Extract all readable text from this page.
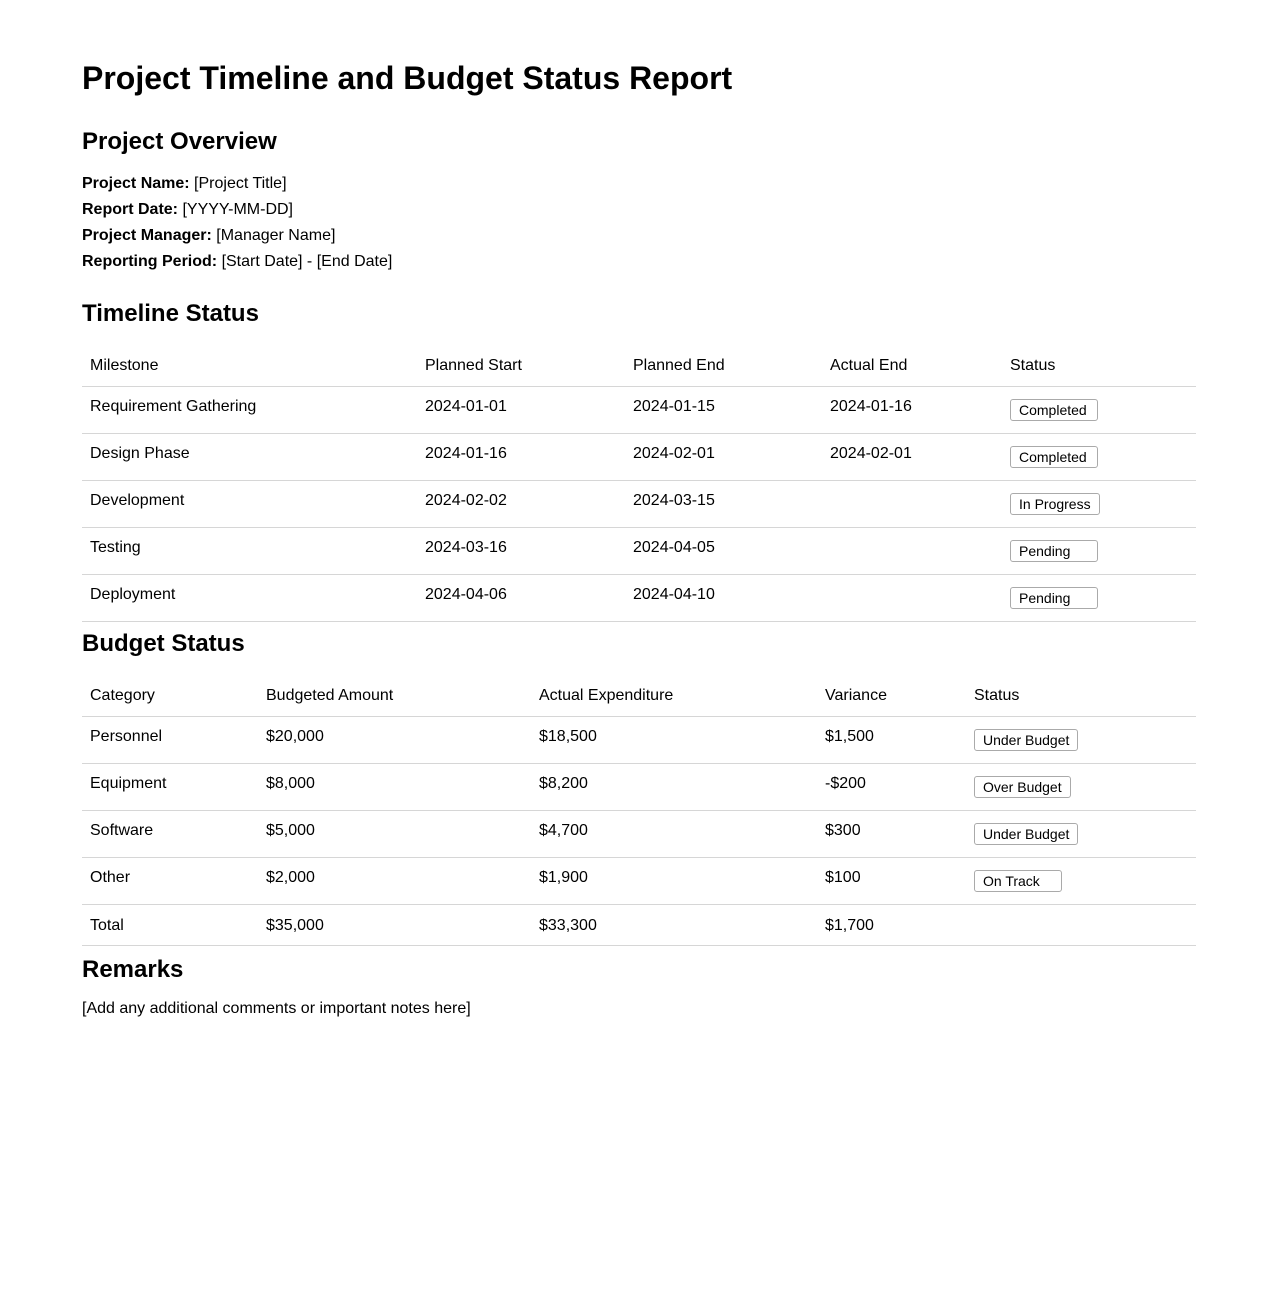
Project Timeline and Budget Status Report
Project Overview
Project Name: [Project Title]
Report Date: [YYYY-MM-DD]
Project Manager: [Manager Name]
Reporting Period: [Start Date] - [End Date]
Timeline Status
Milestone	Planned Start	Planned End	Actual End	Status
Requirement Gathering	2024-01-01	2024-01-15	2024-01-16	Completed
Design Phase	2024-01-16	2024-02-01	2024-02-01	Completed
Development	2024-02-02	2024-03-15		In Progress
Testing	2024-03-16	2024-04-05		Pending
Deployment	2024-04-06	2024-04-10		Pending
Budget Status
Category	Budgeted Amount	Actual Expenditure	Variance	Status
Personnel	$20,000	$18,500	$1,500	Under Budget
Equipment	$8,000	$8,200	-$200	Over Budget
Software	$5,000	$4,700	$300	Under Budget
Other	$2,000	$1,900	$100	On Track
Total	$35,000	$33,300	$1,700	
Remarks
[Add any additional comments or important notes here]
